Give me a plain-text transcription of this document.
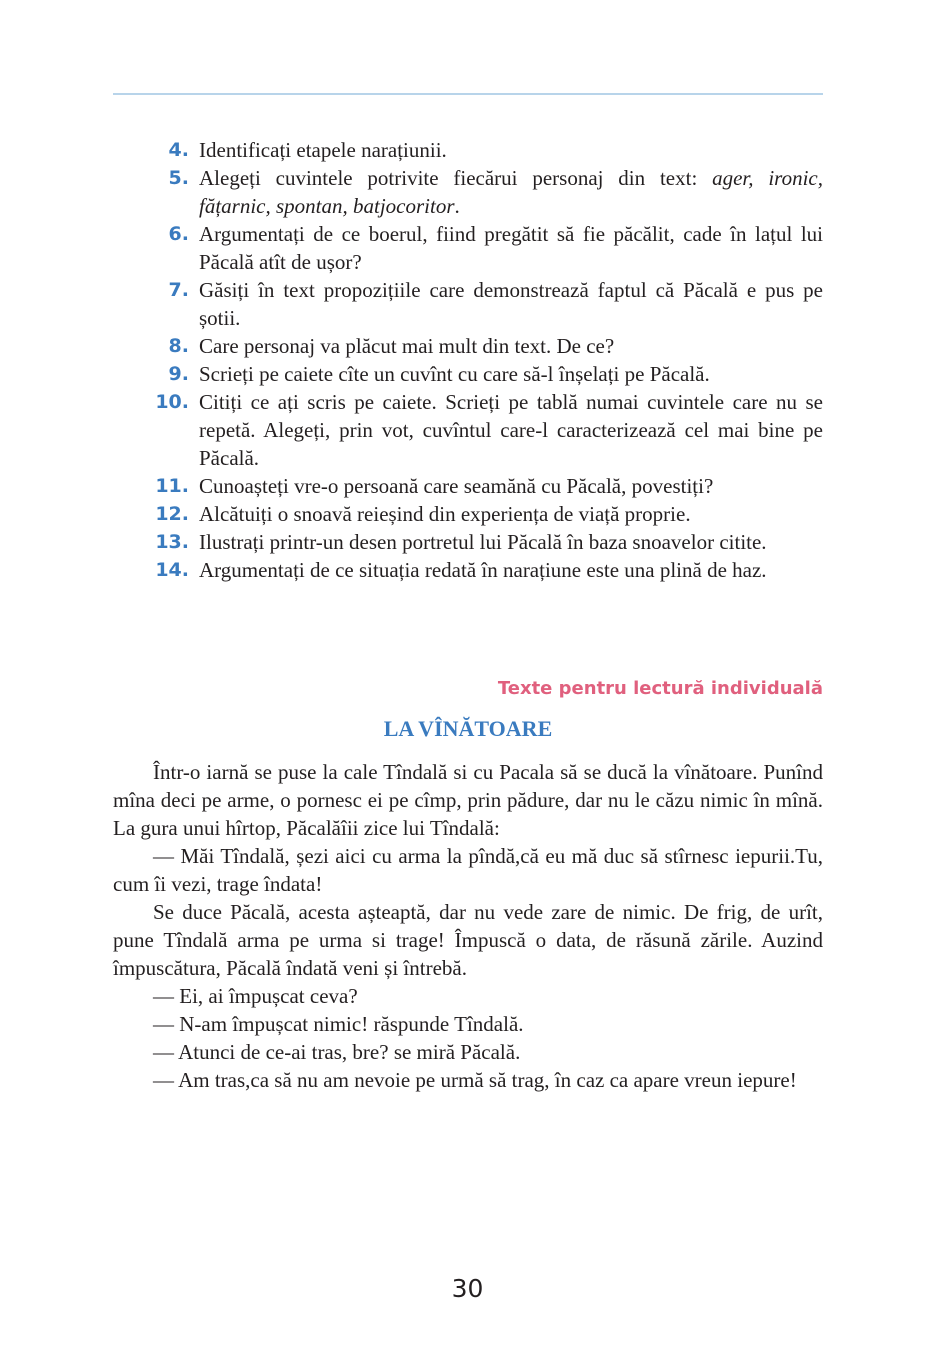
4. Identificați etapele narațiunii.
5. Alegeți cuvintele potrivite fiecărui personaj din text: ager, ironic, fățarnic, spontan, batjocoritor.
6. Argumentați de ce boerul, fiind pregătit să fie păcălit, cade în lațul lui Păcală atît de ușor?
7. Găsiți în text propozițiile care demonstrează faptul că Păcală e pus pe șotii.
8. Care personaj va plăcut mai mult din text. De ce?
9. Scrieți pe caiete cîte un cuvînt cu care să-l înșelați pe Păcală.
10. Citiți ce ați scris pe caiete. Scrieți pe tablă numai cuvintele care nu se repetă. Alegeți, prin vot, cuvîntul care-l caracterizează cel mai bine pe Păcală.
11. Cunoașteți vre-o persoană care seamănă cu Păcală, povestiți?
12. Alcătuiți o snoavă reieșind din experiența de viață proprie.
13. Ilustrați printr-un desen portretul lui Păcală în baza snoavelor citite.
14. Argumentați de ce situația redată în narațiune este una plină de haz.
Texte pentru lectură individuală
LA VÎNĂTOARE

Într-o iarnă se puse la cale Tîndală si cu Pacala să se ducă la vînătoare. Punînd mîna deci pe arme, o pornesc ei pe cîmp, prin pădure, dar nu le căzu nimic în mînă. La gura unui hîrtop, Păcalăîii zice lui Tîndală:

— Măi Tîndală, șezi aici cu arma la pîndă,că eu mă duc să stîrnesc iepurii.Tu, cum îi vezi, trage îndata!

Se duce Păcală, acesta așteaptă, dar nu vede zare de nimic. De frig, de urît, pune Tîndală arma pe urma si trage! Împuscă o data, de răsună zările. Auzind împuscătura, Păcală îndată veni și întrebă.

— Ei, ai împușcat ceva?

— N-am împușcat nimic! răspunde Tîndală.

— Atunci de ce-ai tras, bre? se miră Păcală.

— Am tras,ca să nu am nevoie pe urmă să trag, în caz ca apare vreun iepure!

30
